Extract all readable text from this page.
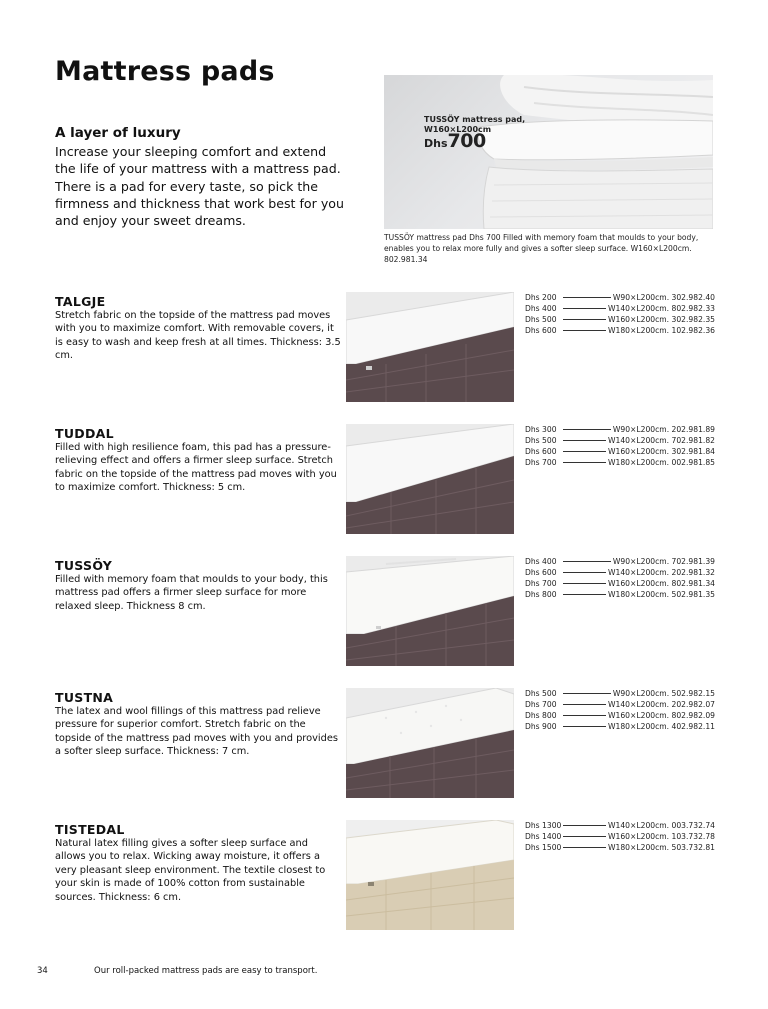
Mattress pads
A layer of luxury

Increase your sleeping comfort and extend the life of your mattress with a mattress pad. There is a pad for every taste, so pick the firmness and thickness that work best for you and enjoy your sweet dreams.

TUSSÖY mattress pad,
W160×L200cm
Dhs700

TUSSÖY mattress pad Dhs 700 Filled with memory foam that moulds to your body, enables you to relax more fully and gives a softer sleep surface. W160×L200cm. 802.981.34

TALGJE

Stretch fabric on the topside of the mattress pad moves with you to maximize comfort. With removable covers, it is easy to wash and keep fresh at all times. Thickness: 3.5 cm.

Dhs 200	W90×L200cm. 302.982.40
Dhs 400	W140×L200cm. 802.982.33
Dhs 500	W160×L200cm. 302.982.35
Dhs 600	W180×L200cm. 102.982.36
TUDDAL

Filled with high resilience foam, this pad has a pressure-relieving effect and offers a firmer sleep surface. Stretch fabric on the topside of the mattress pad moves with you to maximize comfort. Thickness: 5 cm.

Dhs 300	W90×L200cm. 202.981.89
Dhs 500	W140×L200cm. 702.981.82
Dhs 600	W160×L200cm. 302.981.84
Dhs 700	W180×L200cm. 002.981.85
TUSSÖY

Filled with memory foam that moulds to your body, this mattress pad offers a firmer sleep surface for more relaxed sleep. Thickness 8 cm.

Dhs 400	W90×L200cm. 702.981.39
Dhs 600	W140×L200cm. 202.981.32
Dhs 700	W160×L200cm. 802.981.34
Dhs 800	W180×L200cm. 502.981.35
TUSTNA

The latex and wool fillings of this mattress pad relieve pressure for superior comfort. Stretch fabric on the topside of the mattress pad moves with you and provides a softer sleep surface. Thickness: 7 cm.

Dhs 500	W90×L200cm. 502.982.15
Dhs 700	W140×L200cm. 202.982.07
Dhs 800	W160×L200cm. 802.982.09
Dhs 900	W180×L200cm. 402.982.11
TISTEDAL

Natural latex filling gives a softer sleep surface and allows you to relax. Wicking away moisture, it offers a very pleasant sleep environment. The textile closest to your skin is made of 100% cotton from sustainable sources. Thickness: 6 cm.

Dhs 1300	W140×L200cm. 003.732.74
Dhs 1400	W160×L200cm. 103.732.78
Dhs 1500	W180×L200cm. 503.732.81
34	Our roll-packed mattress pads are easy to transport.
